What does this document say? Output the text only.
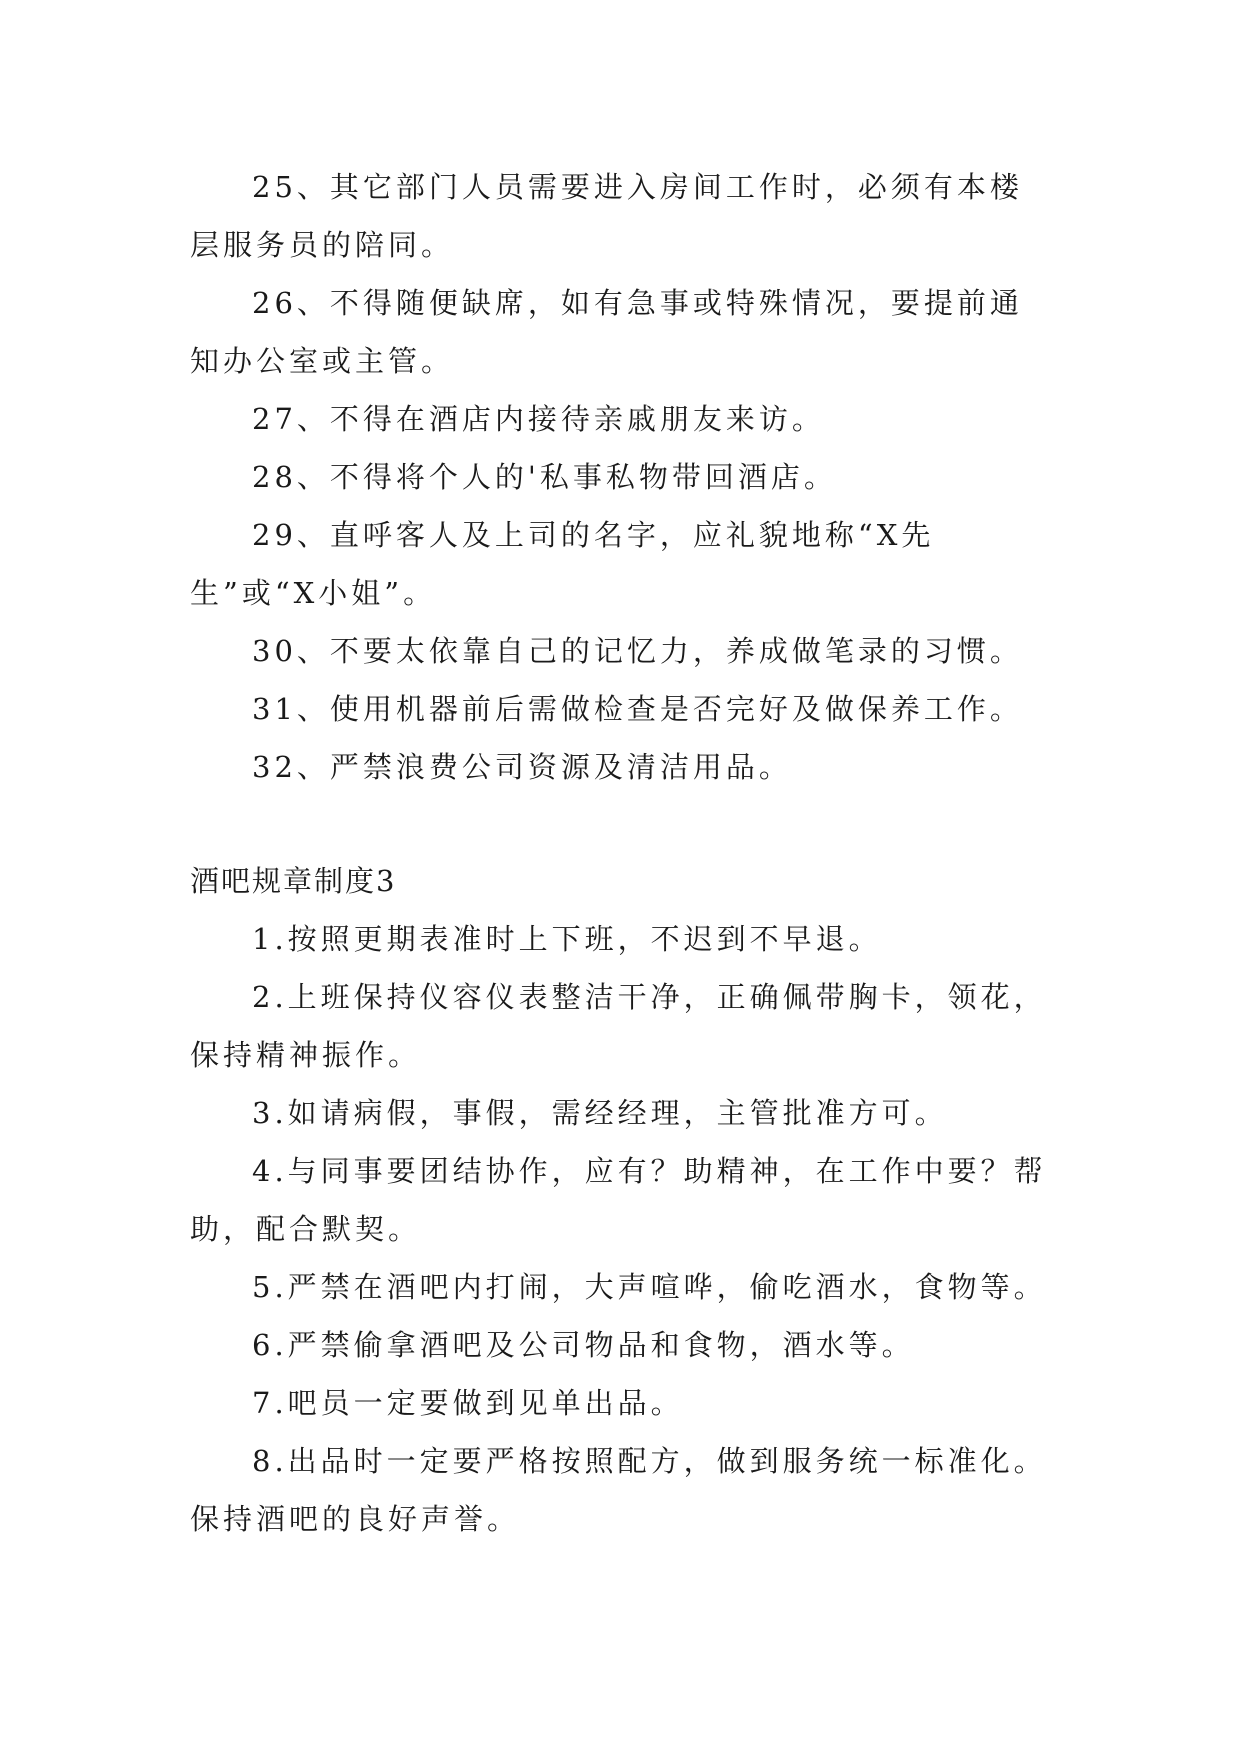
25、其它部门人员需要进入房间工作时，必须有本楼层服务员的陪同。

26、不得随便缺席，如有急事或特殊情况，要提前通知办公室或主管。

27、不得在酒店内接待亲戚朋友来访。

28、不得将个人的'私事私物带回酒店。

29、直呼客人及上司的名字，应礼貌地称“X先生”或“X小姐”。

30、不要太依靠自己的记忆力，养成做笔录的习惯。

31、使用机器前后需做检查是否完好及做保养工作。

32、严禁浪费公司资源及清洁用品。

酒吧规章制度3

1.按照更期表准时上下班，不迟到不早退。

2.上班保持仪容仪表整洁干净，正确佩带胸卡，领花，保持精神振作。

3.如请病假，事假，需经经理，主管批准方可。

4.与同事要团结协作，应有？助精神，在工作中要？帮助，配合默契。

5.严禁在酒吧内打闹，大声喧哗，偷吃酒水，食物等。

6.严禁偷拿酒吧及公司物品和食物，酒水等。

7.吧员一定要做到见单出品。

8.出品时一定要严格按照配方，做到服务统一标准化。保持酒吧的良好声誉。
